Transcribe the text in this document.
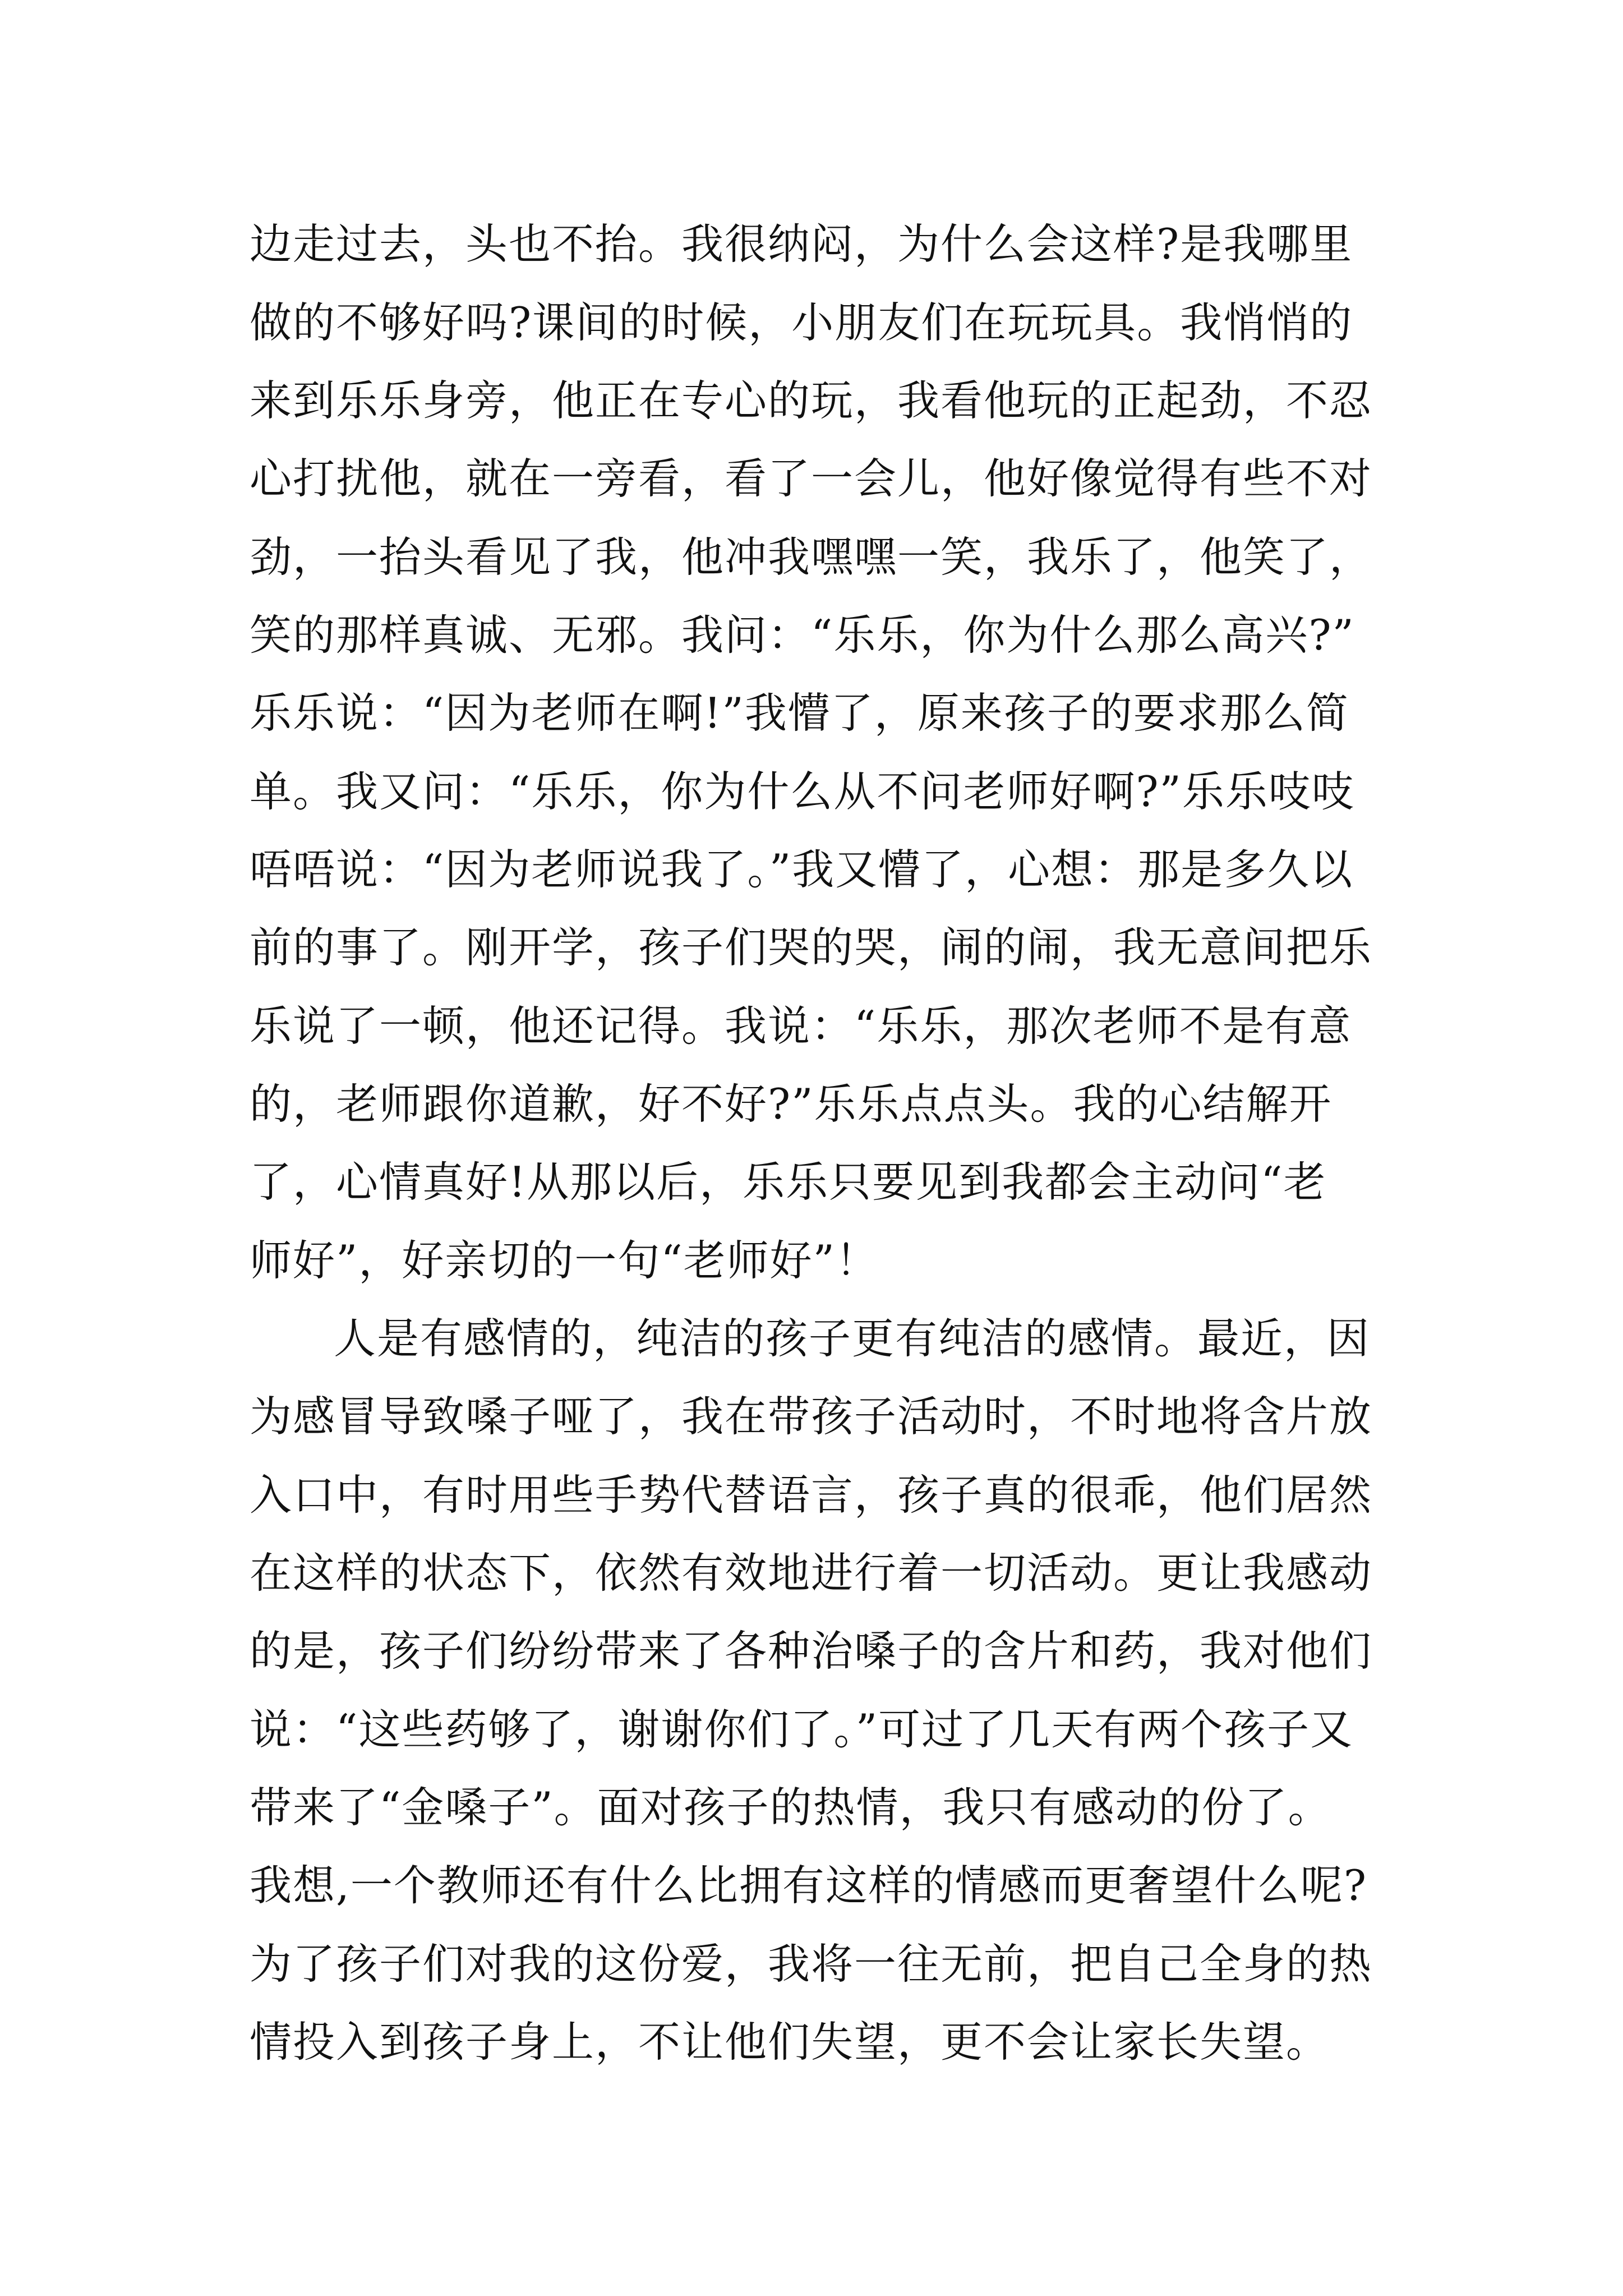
边走过去，头也不抬。我很纳闷，为什么会这样?是我哪里
做的不够好吗?课间的时候，小朋友们在玩玩具。我悄悄的
来到乐乐身旁，他正在专心的玩，我看他玩的正起劲，不忍
心打扰他，就在一旁看，看了一会儿，他好像觉得有些不对
劲，一抬头看见了我，他冲我嘿嘿一笑，我乐了，他笑了，
笑的那样真诚、无邪。我问：“乐乐，你为什么那么高兴?”
乐乐说：“因为老师在啊!”我懵了，原来孩子的要求那么简
单。我又问：“乐乐，你为什么从不问老师好啊?”乐乐吱吱
唔唔说：“因为老师说我了。”我又懵了，心想：那是多久以
前的事了。刚开学，孩子们哭的哭，闹的闹，我无意间把乐
乐说了一顿，他还记得。我说：“乐乐，那次老师不是有意
的，老师跟你道歉，好不好?”乐乐点点头。我的心结解开
了，心情真好!从那以后，乐乐只要见到我都会主动问“老
师好”，好亲切的一句“老师好”！
人是有感情的，纯洁的孩子更有纯洁的感情。最近，因
为感冒导致嗓子哑了，我在带孩子活动时，不时地将含片放
入口中，有时用些手势代替语言，孩子真的很乖，他们居然
在这样的状态下，依然有效地进行着一切活动。更让我感动
的是，孩子们纷纷带来了各种治嗓子的含片和药，我对他们
说：“这些药够了，谢谢你们了。”可过了几天有两个孩子又
带来了“金嗓子”。面对孩子的热情，我只有感动的份了。
我想,一个教师还有什么比拥有这样的情感而更奢望什么呢?
为了孩子们对我的这份爱，我将一往无前，把自己全身的热
情投入到孩子身上，不让他们失望，更不会让家长失望。
